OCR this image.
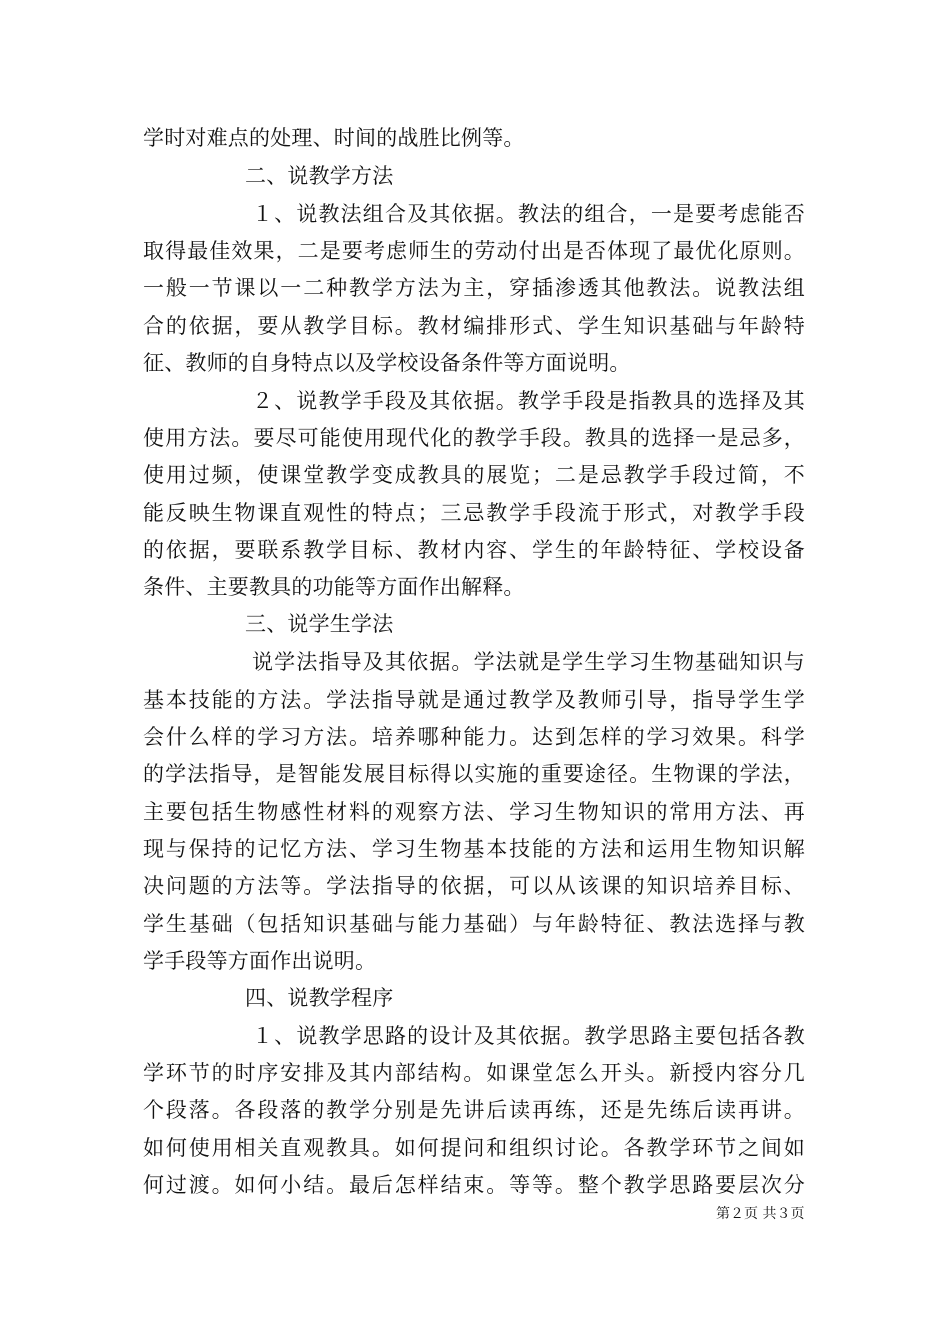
学时对难点的处理、时间的战胜比例等。
二、说教学方法
１、说教法组合及其依据。教法的组合，一是要考虑能否
取得最佳效果，二是要考虑师生的劳动付出是否体现了最优化原则。
一般一节课以一二种教学方法为主，穿插渗透其他教法。说教法组
合的依据，要从教学目标。教材编排形式、学生知识基础与年龄特
征、教师的自身特点以及学校设备条件等方面说明。
２、说教学手段及其依据。教学手段是指教具的选择及其
使用方法。要尽可能使用现代化的教学手段。教具的选择一是忌多，
使用过频，使课堂教学变成教具的展览；二是忌教学手段过简，不
能反映生物课直观性的特点；三忌教学手段流于形式，对教学手段
的依据，要联系教学目标、教材内容、学生的年龄特征、学校设备
条件、主要教具的功能等方面作出解释。
三、说学生学法
说学法指导及其依据。学法就是学生学习生物基础知识与
基本技能的方法。学法指导就是通过教学及教师引导，指导学生学
会什么样的学习方法。培养哪种能力。达到怎样的学习效果。科学
的学法指导，是智能发展目标得以实施的重要途径。生物课的学法，
主要包括生物感性材料的观察方法、学习生物知识的常用方法、再
现与保持的记忆方法、学习生物基本技能的方法和运用生物知识解
决问题的方法等。学法指导的依据，可以从该课的知识培养目标、
学生基础（包括知识基础与能力基础）与年龄特征、教法选择与教
学手段等方面作出说明。
四、说教学程序
１、说教学思路的设计及其依据。教学思路主要包括各教
学环节的时序安排及其内部结构。如课堂怎么开头。新授内容分几
个段落。各段落的教学分别是先讲后读再练，还是先练后读再讲。
如何使用相关直观教具。如何提问和组织讨论。各教学环节之间如
何过渡。如何小结。最后怎样结束。等等。整个教学思路要层次分
第２页 共３页
